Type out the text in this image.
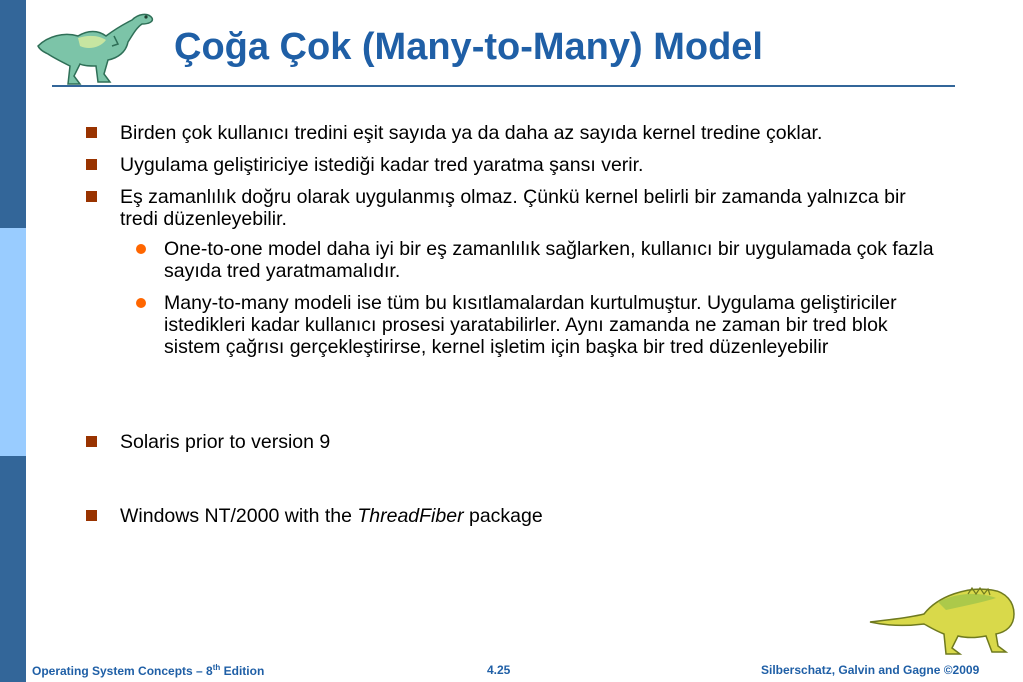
Çoğa Çok (Many-to-Many) Model
Birden çok kullanıcı tredini eşit sayıda ya da daha az sayıda kernel tredine çoklar.
Uygulama geliştiriciye istediği kadar tred yaratma şansı verir.
Eş zamanlılık doğru olarak uygulanmış olmaz. Çünkü kernel belirli bir zamanda yalnızca bir tredi düzenleyebilir.
One-to-one model daha iyi bir eş zamanlılık sağlarken, kullanıcı bir uygulamada çok fazla sayıda tred yaratmamalıdır.
Many-to-many modeli ise tüm bu kısıtlamalardan kurtulmuştur. Uygulama geliştiriciler istedikleri kadar kullanıcı prosesi yaratabilirler. Aynı zamanda ne zaman bir tred blok sistem çağrısı gerçekleştirirse, kernel işletim için başka bir tred düzenleyebilir
Solaris prior to version 9
Windows NT/2000 with the ThreadFiber package
Operating System Concepts – 8th Edition	4.25	Silberschatz, Galvin and Gagne ©2009
